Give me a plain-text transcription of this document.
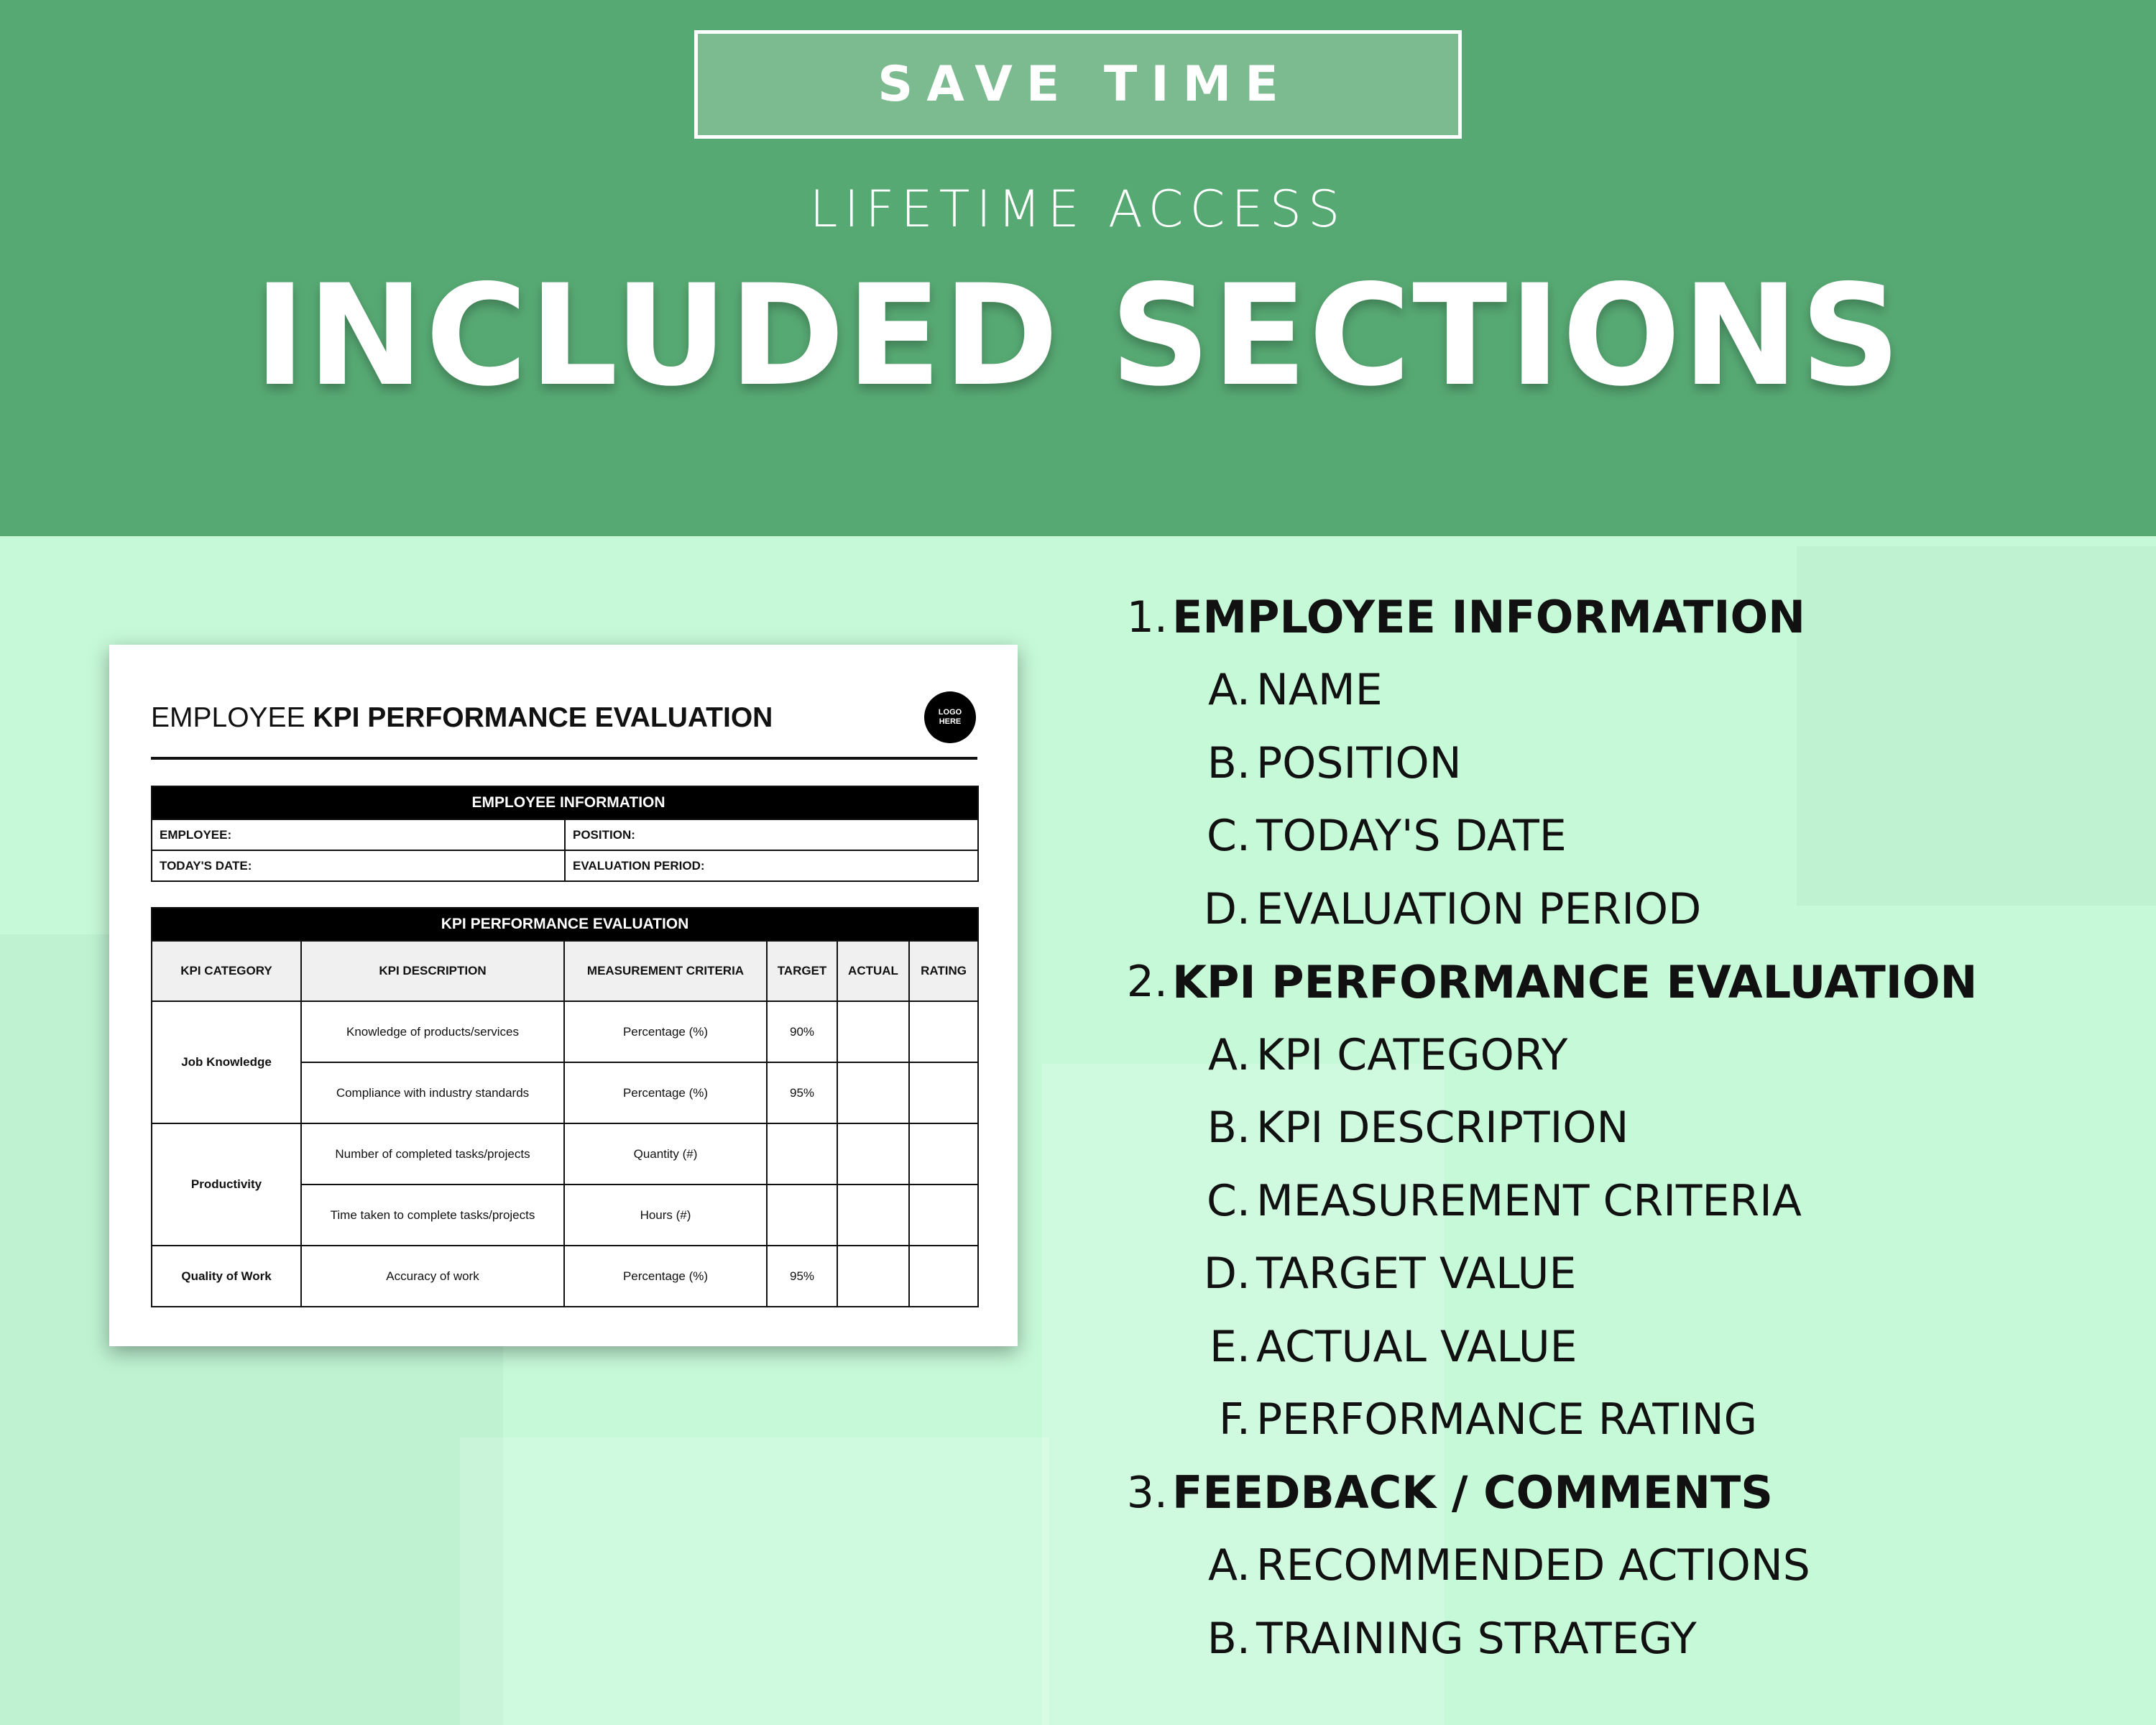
SAVE TIME
LIFETIME ACCESS
INCLUDED SECTIONS
EMPLOYEE KPI PERFORMANCE EVALUATION	LOGO
HERE
EMPLOYEE INFORMATION	
EMPLOYEE:	POSITION:
TODAY'S DATE:	EVALUATION PERIOD:
KPI PERFORMANCE EVALUATION					
KPI CATEGORY	KPI DESCRIPTION	MEASUREMENT CRITERIA	TARGET	ACTUAL	RATING
Job Knowledge	Knowledge of products/services	Percentage (%)	90%		
	Compliance with industry standards	Percentage (%)	95%		
Productivity	Number of completed tasks/projects	Quantity (#)			
	Time taken to complete tasks/projects	Hours (#)			
Quality of Work	Accuracy of work	Percentage (%)	95%		
1. EMPLOYEE INFORMATION
A. NAME
B. POSITION
C. TODAY'S DATE
D. EVALUATION PERIOD
2. KPI PERFORMANCE EVALUATION
A. KPI CATEGORY
B. KPI DESCRIPTION
C. MEASUREMENT CRITERIA
D. TARGET VALUE
E. ACTUAL VALUE
F. PERFORMANCE RATING
3. FEEDBACK / COMMENTS
A. RECOMMENDED ACTIONS
B. TRAINING STRATEGY
